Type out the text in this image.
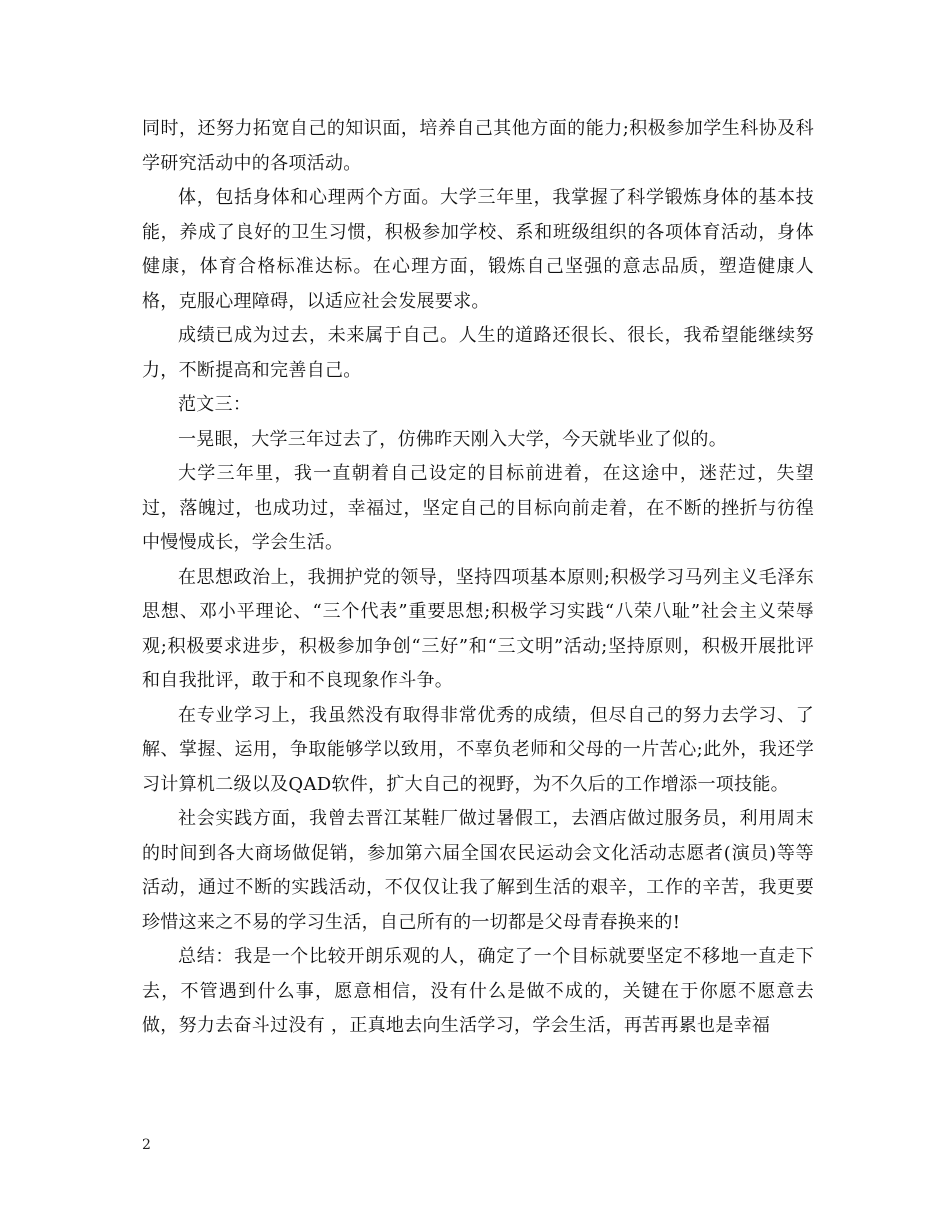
同时，还努力拓宽自己的知识面，培养自己其他方面的能力;积极参加学生科协及科学研究活动中的各项活动。

体，包括身体和心理两个方面。大学三年里，我掌握了科学锻炼身体的基本技能，养成了良好的卫生习惯，积极参加学校、系和班级组织的各项体育活动，身体健康，体育合格标准达标。在心理方面，锻炼自己坚强的意志品质，塑造健康人格，克服心理障碍，以适应社会发展要求。

成绩已成为过去，未来属于自己。人生的道路还很长、很长，我希望能继续努力，不断提高和完善自己。

范文三：

一晃眼，大学三年过去了，仿佛昨天刚入大学，今天就毕业了似的。

大学三年里，我一直朝着自己设定的目标前进着，在这途中，迷茫过，失望过，落魄过，也成功过，幸福过，坚定自己的目标向前走着，在不断的挫折与彷徨中慢慢成长，学会生活。

在思想政治上，我拥护党的领导，坚持四项基本原则;积极学习马列主义毛泽东思想、邓小平理论、“三个代表”重要思想;积极学习实践“八荣八耻”社会主义荣辱观;积极要求进步，积极参加争创“三好”和“三文明”活动;坚持原则，积极开展批评和自我批评，敢于和不良现象作斗争。

在专业学习上，我虽然没有取得非常优秀的成绩，但尽自己的努力去学习、了解、掌握、运用，争取能够学以致用，不辜负老师和父母的一片苦心;此外，我还学习计算机二级以及QAD软件，扩大自己的视野，为不久后的工作增添一项技能。

社会实践方面，我曾去晋江某鞋厂做过暑假工，去酒店做过服务员，利用周末的时间到各大商场做促销，参加第六届全国农民运动会文化活动志愿者(演员)等等活动，通过不断的实践活动，不仅仅让我了解到生活的艰辛，工作的辛苦，我更要珍惜这来之不易的学习生活，自己所有的一切都是父母青春换来的!

总结：我是一个比较开朗乐观的人，确定了一个目标就要坚定不移地一直走下去，不管遇到什么事，愿意相信，没有什么是做不成的，关键在于你愿不愿意去做，努力去奋斗过没有 ，正真地去向生活学习，学会生活，再苦再累也是幸福

2
